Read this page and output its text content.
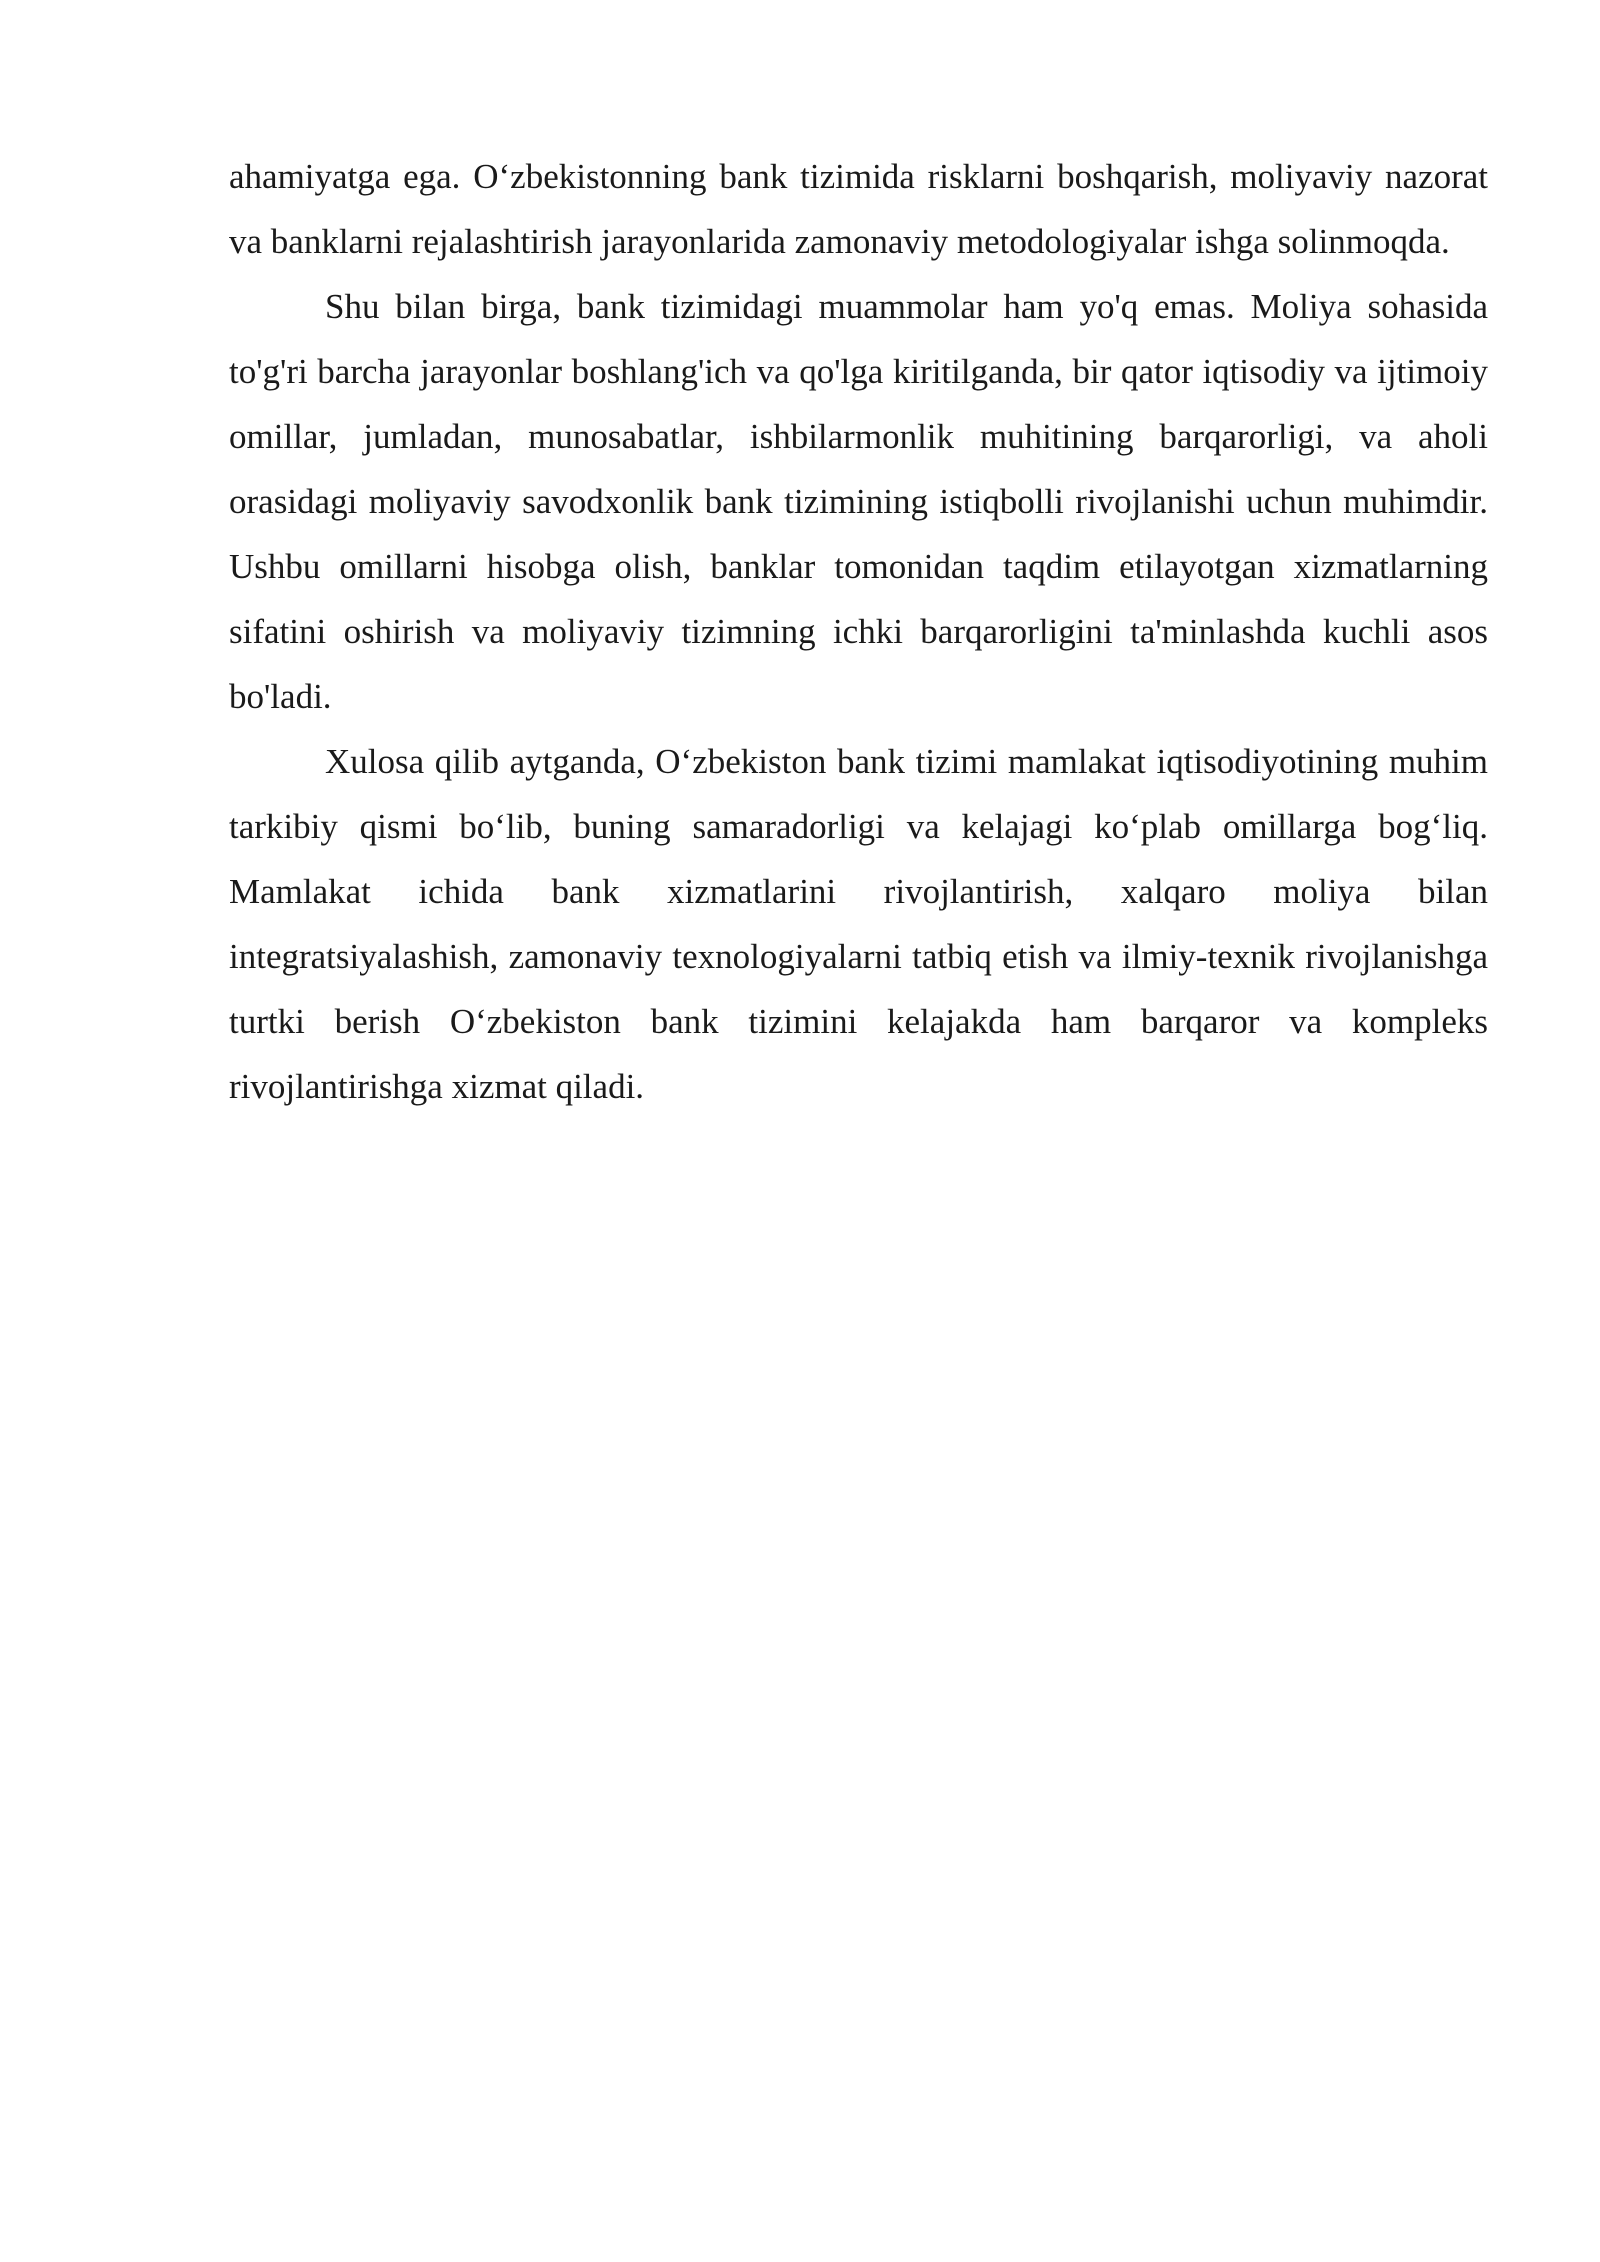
ahamiyatga ega. O‘zbekistonning bank tizimida risklarni boshqarish, moliyaviy nazorat va banklarni rejalashtirish jarayonlarida zamonaviy metodologiyalar ishga solinmoqda.

Shu bilan birga, bank tizimidagi muammolar ham yo'q emas. Moliya sohasida to'g'ri barcha jarayonlar boshlang'ich va qo'lga kiritilganda, bir qator iqtisodiy va ijtimoiy omillar, jumladan, munosabatlar, ishbilarmonlik muhitining barqarorligi, va aholi orasidagi moliyaviy savodxonlik bank tizimining istiqbolli rivojlanishi uchun muhimdir. Ushbu omillarni hisobga olish, banklar tomonidan taqdim etilayotgan xizmatlarning sifatini oshirish va moliyaviy tizimning ichki barqarorligini ta'minlashda kuchli asos bo'ladi.

Xulosa qilib aytganda, O‘zbekiston bank tizimi mamlakat iqtisodiyotining muhim tarkibiy qismi bo‘lib, buning samaradorligi va kelajagi ko‘plab omillarga bog‘liq. Mamlakat ichida bank xizmatlarini rivojlantirish, xalqaro moliya bilan integratsiyalashish, zamonaviy texnologiyalarni tatbiq etish va ilmiy-texnik rivojlanishga turtki berish O‘zbekiston bank tizimini kelajakda ham barqaror va kompleks rivojlantirishga xizmat qiladi.
